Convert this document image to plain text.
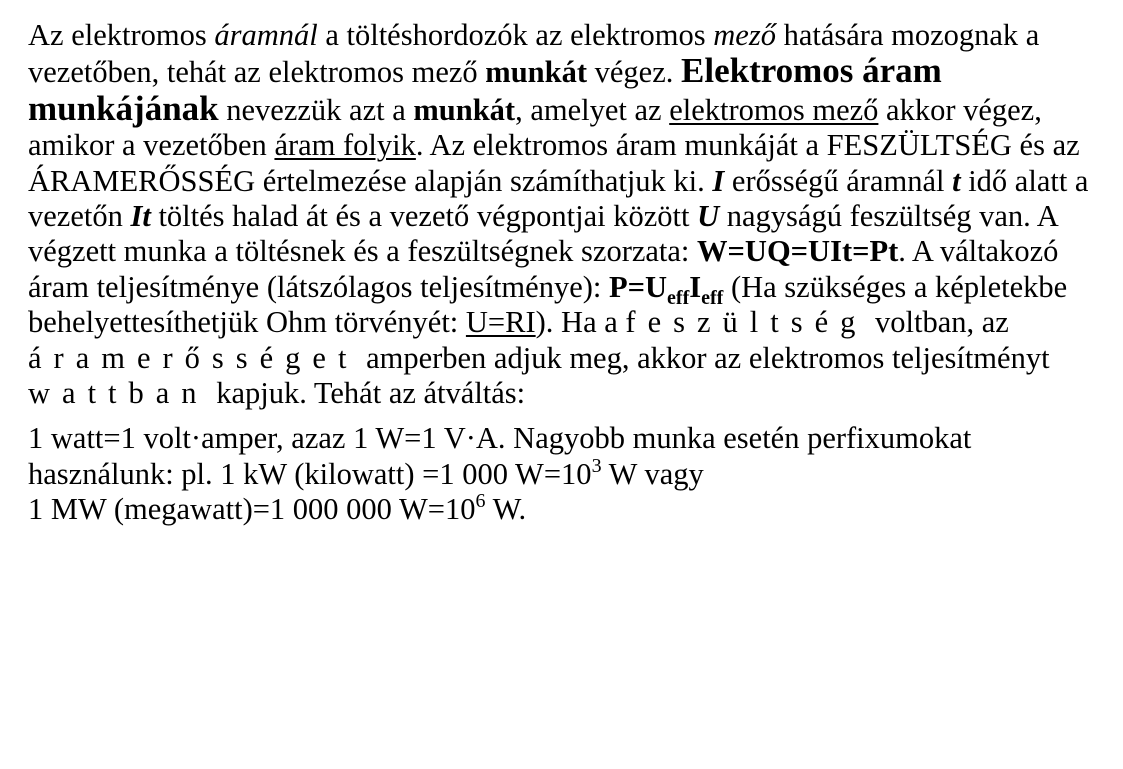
Az elektromos áramnál a töltéshordozók az elektromos mező hatására mozognak a vezetőben, tehát az elektromos mező munkát végez. Elektromos áram munkájának nevezzük azt a munkát, amelyet az elektromos mező akkor végez, amikor a vezetőben áram folyik. Az elektromos áram munkáját a FESZÜLTSÉG és az ÁRAMERŐSSÉG értelmezése alapján számíthatjuk ki. I erősségű áramnál t idő alatt a vezetőn It töltés halad át és a vezető végpontjai között U nagyságú feszültség van. A végzett munka a töltésnek és a feszültségnek szorzata: W=UQ=UIt=Pt. A váltakozó áram teljesítménye (látszólagos teljesítménye): $P=U_{eff}I_{eff}$ (Ha szükséges a képletekbe behelyettesíthetjük Ohm törvényét: U=RI). Ha a feszültség voltban, az áramerősséget amperben adjuk meg, akkor az elektromos teljesítményt wattban kapjuk. Tehát az átváltás:

1 watt=1 volt·amper, azaz 1 W=1 V·A. Nagyobb munka esetén perfixumokat használunk: pl. 1 kW (kilowatt) =1 000 $W=10^3$ W vagy
1 MW (megawatt)=1 000 000 $W=10^6$ W.
